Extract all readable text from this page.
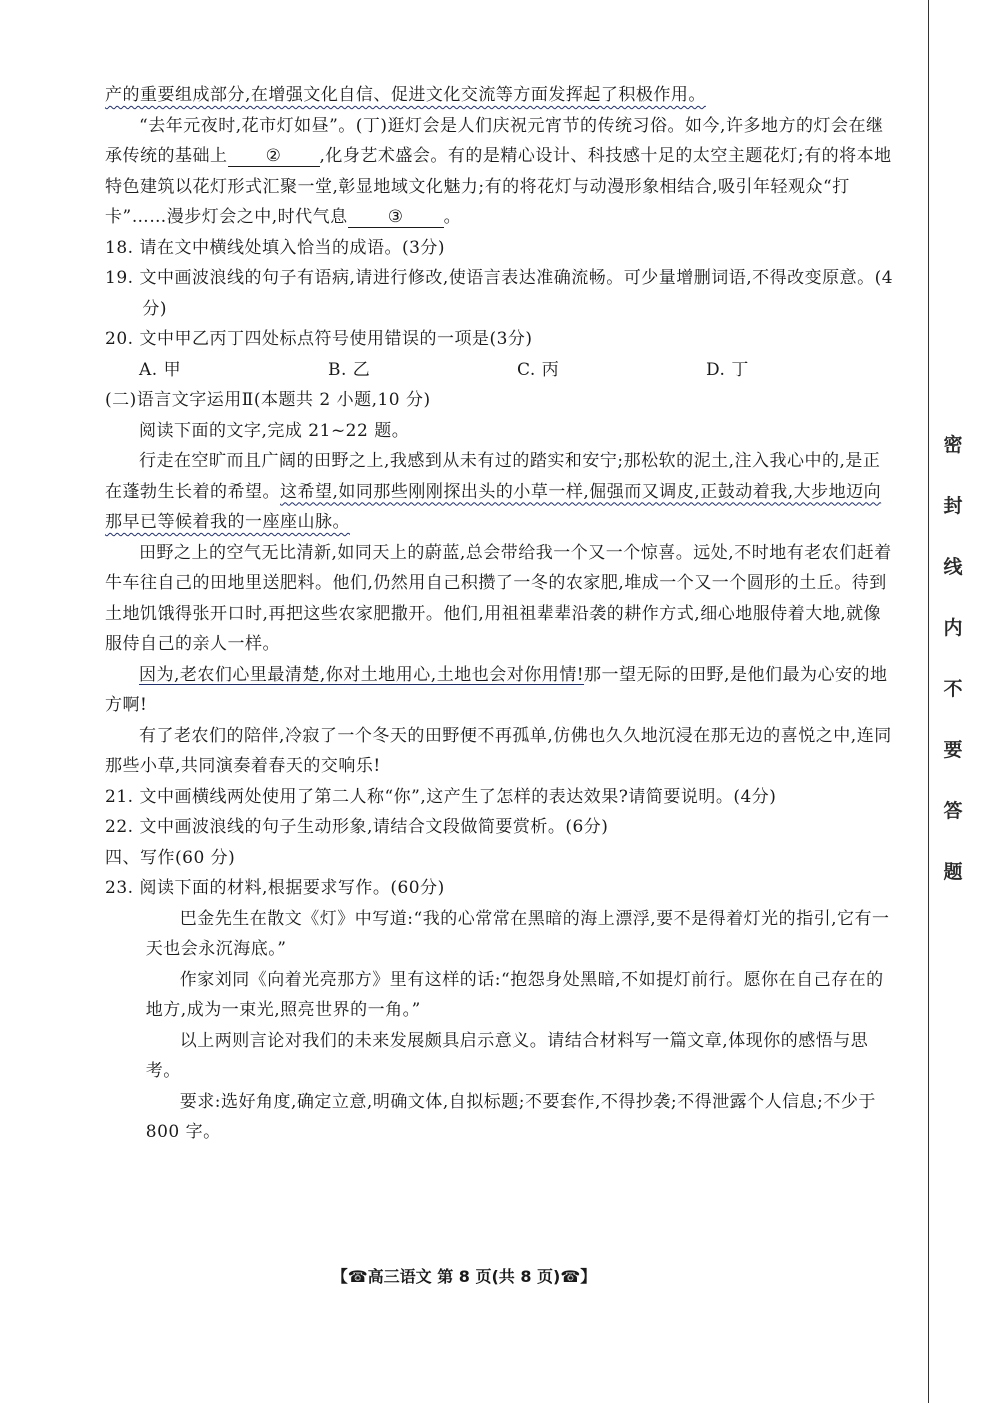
产的重要组成部分,在增强文化自信、促进文化交流等方面发挥起了积极作用。

“去年元夜时,花市灯如昼”。(丁)逛灯会是人们庆祝元宵节的传统习俗。如今,许多地方的灯会在继承传统的基础上 ② ,化身艺术盛会。有的是精心设计、科技感十足的太空主题花灯;有的将本地特色建筑以花灯形式汇聚一堂,彰显地域文化魅力;有的将花灯与动漫形象相结合,吸引年轻观众“打卡”……漫步灯会之中,时代气息 ③ 。

18. 请在文中横线处填入恰当的成语。(3分)

19. 文中画波浪线的句子有语病,请进行修改,使语言表达准确流畅。可少量增删词语,不得改变原意。(4分)

20. 文中甲乙丙丁四处标点符号使用错误的一项是(3分)

A. 甲	B. 乙	C. 丙	D. 丁

(二)语言文字运用Ⅱ(本题共 2 小题,10 分)

阅读下面的文字,完成 21~22 题。

行走在空旷而且广阔的田野之上,我感到从未有过的踏实和安宁;那松软的泥土,注入我心中的,是正在蓬勃生长着的希望。这希望,如同那些刚刚探出头的小草一样,倔强而又调皮,正鼓动着我,大步地迈向那早已等候着我的一座座山脉。

田野之上的空气无比清新,如同天上的蔚蓝,总会带给我一个又一个惊喜。远处,不时地有老农们赶着牛车往自己的田地里送肥料。他们,仍然用自己积攒了一冬的农家肥,堆成一个又一个圆形的土丘。待到土地饥饿得张开口时,再把这些农家肥撒开。他们,用祖祖辈辈沿袭的耕作方式,细心地服侍着大地,就像服侍自己的亲人一样。

因为,老农们心里最清楚,你对土地用心,土地也会对你用情!那一望无际的田野,是他们最为心安的地方啊!

有了老农们的陪伴,冷寂了一个冬天的田野便不再孤单,仿佛也久久地沉浸在那无边的喜悦之中,连同那些小草,共同演奏着春天的交响乐!

21. 文中画横线两处使用了第二人称“你”,这产生了怎样的表达效果?请简要说明。(4分)

22. 文中画波浪线的句子生动形象,请结合文段做简要赏析。(6分)

四、写作(60 分)

23. 阅读下面的材料,根据要求写作。(60分)

巴金先生在散文《灯》中写道:“我的心常常在黑暗的海上漂浮,要不是得着灯光的指引,它有一天也会永沉海底。”

作家刘同《向着光亮那方》里有这样的话:“抱怨身处黑暗,不如提灯前行。愿你在自己存在的地方,成为一束光,照亮世界的一角。”

以上两则言论对我们的未来发展颇具启示意义。请结合材料写一篇文章,体现你的感悟与思考。

要求:选好角度,确定立意,明确文体,自拟标题;不要套作,不得抄袭;不得泄露个人信息;不少于 800 字。

密
封
线
内
不
要
答
题
【☎高三语文 第 8 页(共 8 页)☎】
